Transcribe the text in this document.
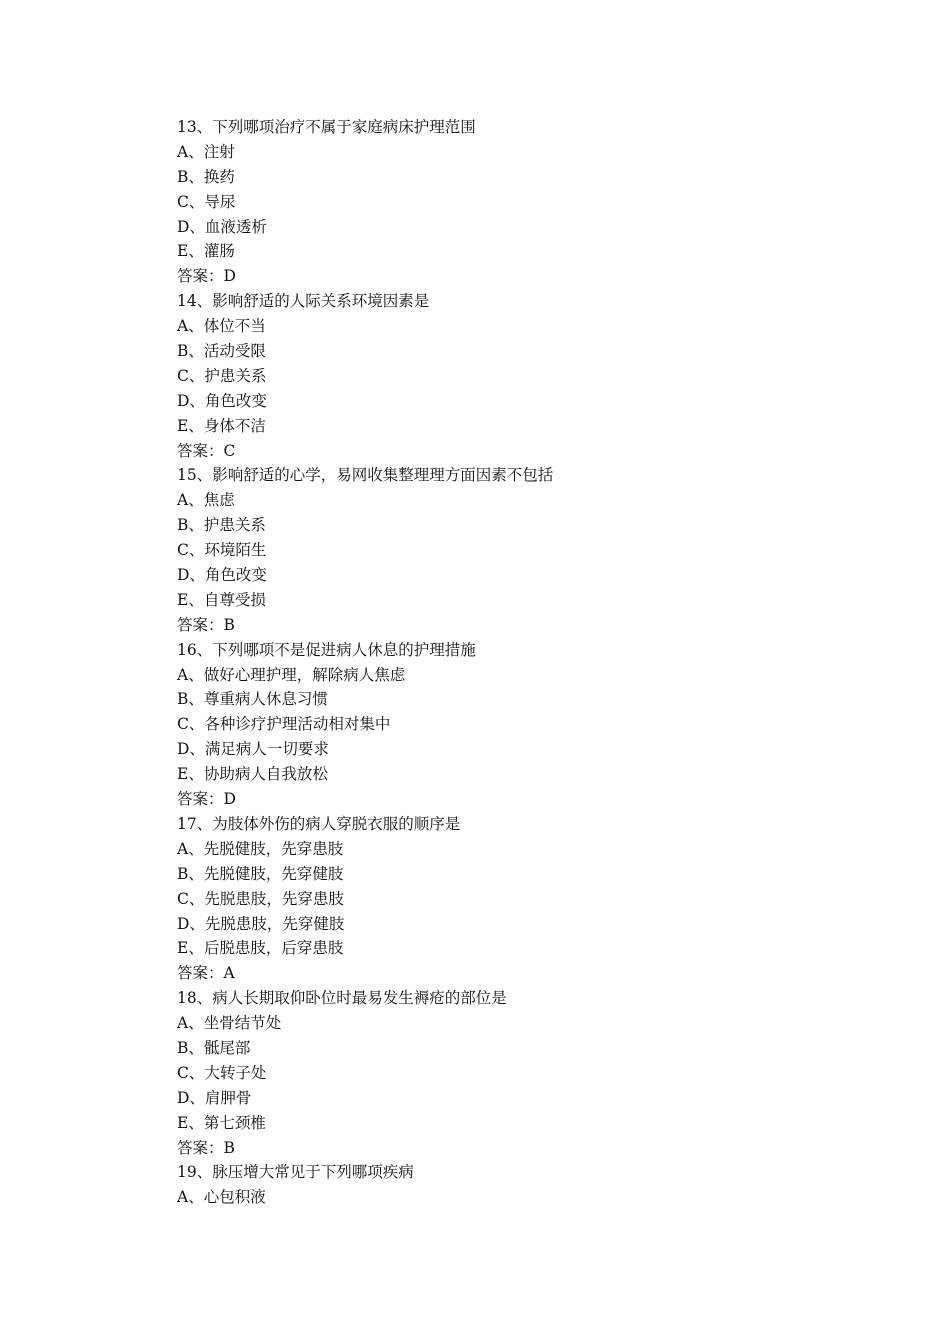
13、下列哪项治疗不属于家庭病床护理范围
A、注射
B、换药
C、导尿
D、血液透析
E、灌肠
答案：D
14、影响舒适的人际关系环境因素是
A、体位不当
B、活动受限
C、护患关系
D、角色改变
E、身体不洁
答案：C
15、影响舒适的心学，易网收集整理理方面因素不包括
A、焦虑
B、护患关系
C、环境陌生
D、角色改变
E、自尊受损
答案：B
16、下列哪项不是促进病人休息的护理措施
A、做好心理护理，解除病人焦虑
B、尊重病人休息习惯
C、各种诊疗护理活动相对集中
D、满足病人一切要求
E、协助病人自我放松
答案：D
17、为肢体外伤的病人穿脱衣服的顺序是
A、先脱健肢，先穿患肢
B、先脱健肢，先穿健肢
C、先脱患肢，先穿患肢
D、先脱患肢，先穿健肢
E、后脱患肢，后穿患肢
答案：A
18、病人长期取仰卧位时最易发生褥疮的部位是
A、坐骨结节处
B、骶尾部
C、大转子处
D、肩胛骨
E、第七颈椎
答案：B
19、脉压增大常见于下列哪项疾病
A、心包积液
